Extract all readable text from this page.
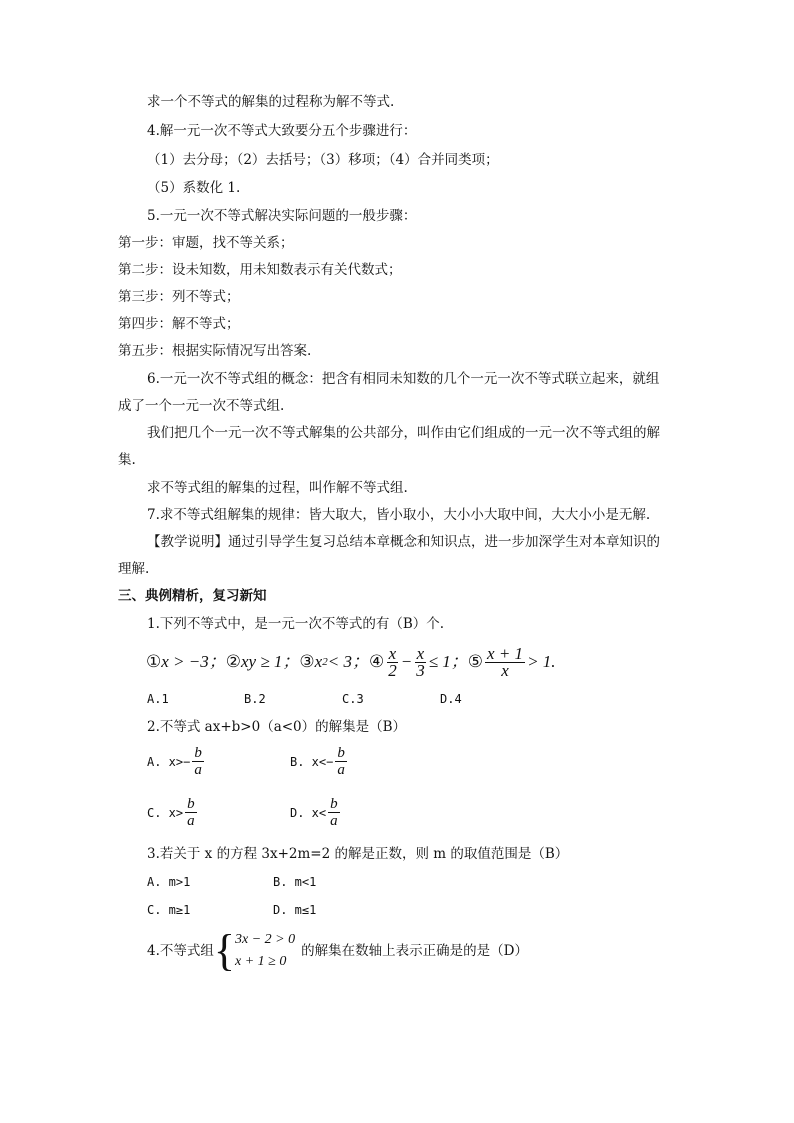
求一个不等式的解集的过程称为解不等式.
4.解一元一次不等式大致要分五个步骤进行：
（1）去分母；（2）去括号；（3）移项；（4）合并同类项；
（5）系数化 1.
5.一元一次不等式解决实际问题的一般步骤：
第一步：审题，找不等关系；
第二步：设未知数，用未知数表示有关代数式；
第三步：列不等式；
第四步：解不等式；
第五步：根据实际情况写出答案.
6.一元一次不等式组的概念：把含有相同未知数的几个一元一次不等式联立起来，就组
成了一个一元一次不等式组.
我们把几个一元一次不等式解集的公共部分，叫作由它们组成的一元一次不等式组的解
集.
求不等式组的解集的过程，叫作解不等式组.
7.求不等式组解集的规律：皆大取大，皆小取小，大小小大取中间，大大小小是无解.
【教学说明】通过引导学生复习总结本章概念和知识点，进一步加深学生对本章知识的
理解.
三、典例精析，复习新知
1.下列不等式中，是一元一次不等式的有（B）个.
① x > −3； ② xy ≥ 1； ③ x 2 < 3； ④ $\frac{x}{2} - \frac{x}{3} \le 1$； ⑤ $\frac{x + 1}{x} > 1$.
A.1	B.2	C.3	D.4
2.不等式 ax+b>0（a<0）的解集是（B）
A. $x>- \frac{b}{a}$	B. $x<- \frac{b}{a}$
C. $x> \frac{b}{a}$	D. $x< \frac{b}{a}$
3.若关于 x 的方程 3x+2m=2 的解是正数，则 m 的取值范围是（B）
A. m>1	B. m<1
C. m≥1	D. m≤1
4.不等式组 { 3x − 2 > 0
x + 1 ≥ 0
的解集在数轴上表示正确是的是（D）
